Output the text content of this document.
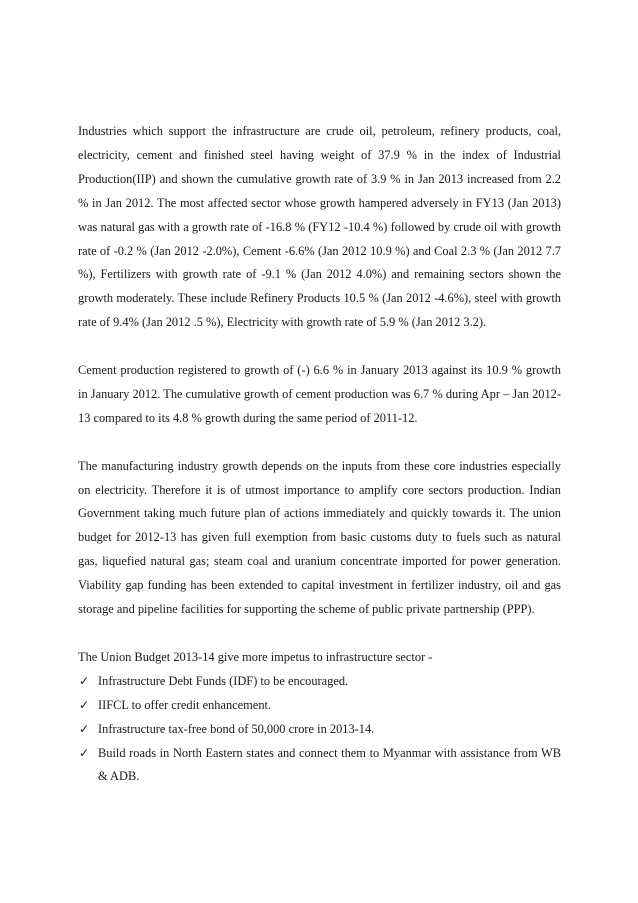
Industries which support the infrastructure are crude oil, petroleum, refinery products, coal, electricity, cement and finished steel having weight of 37.9 % in the index of Industrial Production(IIP) and shown the cumulative growth rate of 3.9 % in Jan 2013 increased from 2.2 % in Jan 2012. The most affected sector whose growth hampered adversely in FY13 (Jan 2013) was natural gas with a growth rate of -16.8 % (FY12 -10.4 %) followed by crude oil with growth rate of -0.2 % (Jan 2012 -2.0%), Cement -6.6% (Jan 2012 10.9 %) and Coal 2.3 % (Jan 2012 7.7 %), Fertilizers with growth rate of -9.1 % (Jan 2012 4.0%) and remaining sectors shown the growth moderately. These include Refinery Products 10.5 % (Jan 2012 -4.6%), steel with growth rate of 9.4% (Jan 2012 .5 %), Electricity with growth rate of 5.9 % (Jan 2012 3.2).

Cement production registered to growth of (-) 6.6 % in January 2013 against its 10.9 % growth in January 2012. The cumulative growth of cement production was 6.7 % during Apr – Jan 2012-13 compared to its 4.8 % growth during the same period of 2011-12.

The manufacturing industry growth depends on the inputs from these core industries especially on electricity. Therefore it is of utmost importance to amplify core sectors production. Indian Government taking much future plan of actions immediately and quickly towards it. The union budget for 2012-13 has given full exemption from basic customs duty to fuels such as natural gas, liquefied natural gas; steam coal and uranium concentrate imported for power generation. Viability gap funding has been extended to capital investment in fertilizer industry, oil and gas storage and pipeline facilities for supporting the scheme of public private partnership (PPP).

The Union Budget 2013-14 give more impetus to infrastructure sector -

✓ Infrastructure Debt Funds (IDF) to be encouraged.
✓ IIFCL to offer credit enhancement.
✓ Infrastructure tax-free bond of 50,000 crore in 2013-14.
✓ Build roads in North Eastern states and connect them to Myanmar with assistance from WB & ADB.
